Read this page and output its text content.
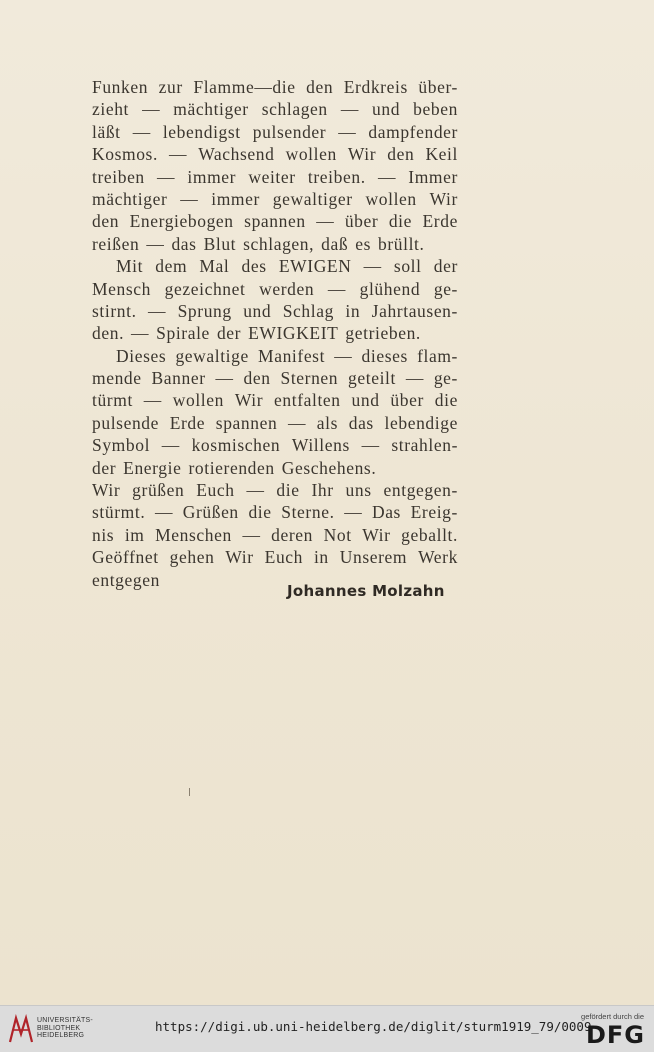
Funken zur Flamme—die den Erdkreis über-
zieht — mächtiger schlagen — und beben
läßt — lebendigst pulsender — dampfender
Kosmos. — Wachsend wollen Wir den Keil
treiben — immer weiter treiben. — Immer
mächtiger — immer gewaltiger wollen Wir
den Energiebogen spannen — über die Erde
reißen — das Blut schlagen, daß es brüllt.
Mit dem Mal des EWIGEN — soll der
Mensch gezeichnet werden — glühend ge-
stirnt. — Sprung und Schlag in Jahrtausen-
den. — Spirale der EWIGKEIT getrieben.
Dieses gewaltige Manifest — dieses flam-
mende Banner — den Sternen geteilt — ge-
türmt — wollen Wir entfalten und über die
pulsende Erde spannen — als das lebendige
Symbol — kosmischen Willens — strahlen-
der Energie rotierenden Geschehens.
Wir grüßen Euch — die Ihr uns entgegen-
stürmt. — Grüßen die Sterne. — Das Ereig-
nis im Menschen — deren Not Wir geballt.
Geöffnet gehen Wir Euch in Unserem Werk
entgegen
Johannes Molzahn
UNIVERSITÄTS-
BIBLIOTHEK
HEIDELBERG
https://digi.ub.uni-heidelberg.de/diglit/sturm1919_79/0009
gefördert durch die
DFG
